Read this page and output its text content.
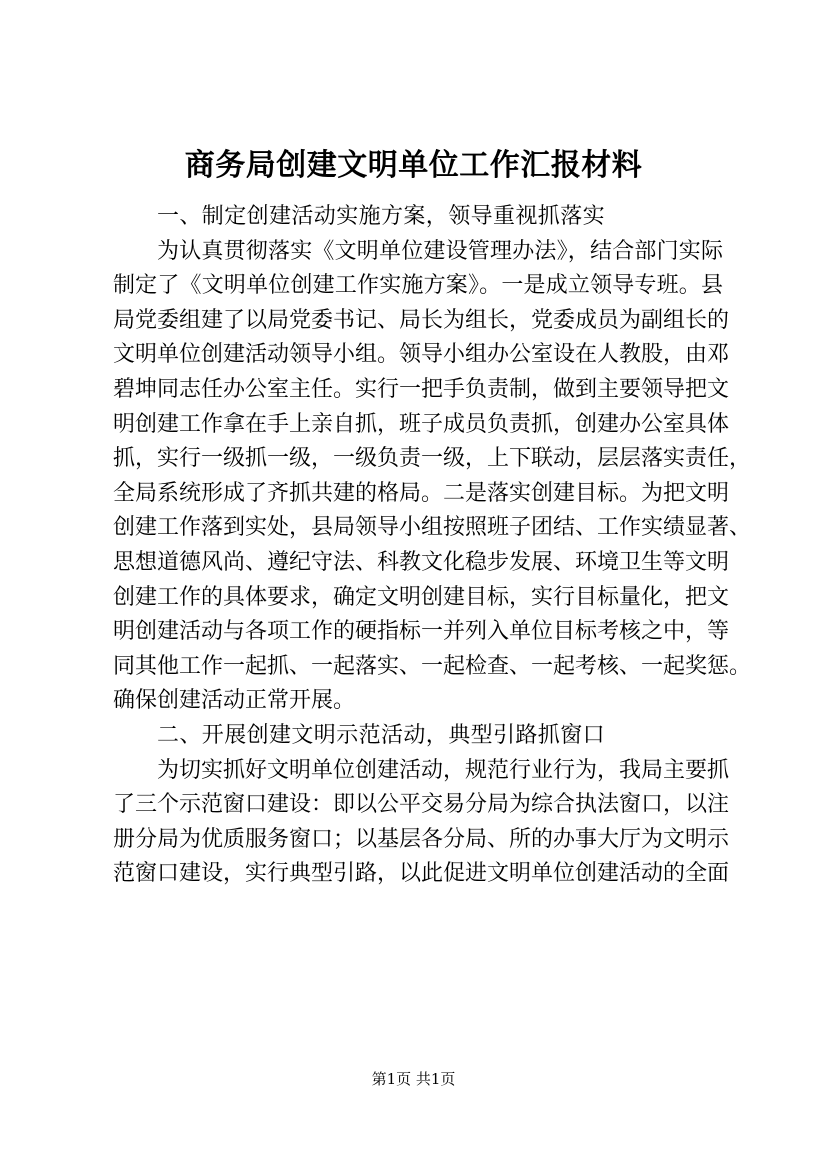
商务局创建文明单位工作汇报材料

一、制定创建活动实施方案，领导重视抓落实

为认真贯彻落实《文明单位建设管理办法》，结合部门实际

制定了《文明单位创建工作实施方案》。一是成立领导专班。县

局党委组建了以局党委书记、局长为组长，党委成员为副组长的

文明单位创建活动领导小组。领导小组办公室设在人教股，由邓

碧坤同志任办公室主任。实行一把手负责制，做到主要领导把文

明创建工作拿在手上亲自抓，班子成员负责抓，创建办公室具体

抓，实行一级抓一级，一级负责一级，上下联动，层层落实责任，

全局系统形成了齐抓共建的格局。二是落实创建目标。为把文明

创建工作落到实处，县局领导小组按照班子团结、工作实绩显著、

思想道德风尚、遵纪守法、科教文化稳步发展、环境卫生等文明

创建工作的具体要求，确定文明创建目标，实行目标量化，把文

明创建活动与各项工作的硬指标一并列入单位目标考核之中，等

同其他工作一起抓、一起落实、一起检查、一起考核、一起奖惩。

确保创建活动正常开展。

二、开展创建文明示范活动，典型引路抓窗口

为切实抓好文明单位创建活动，规范行业行为，我局主要抓

了三个示范窗口建设：即以公平交易分局为综合执法窗口，以注

册分局为优质服务窗口；以基层各分局、所的办事大厅为文明示

范窗口建设，实行典型引路，以此促进文明单位创建活动的全面

第1页 共1页
